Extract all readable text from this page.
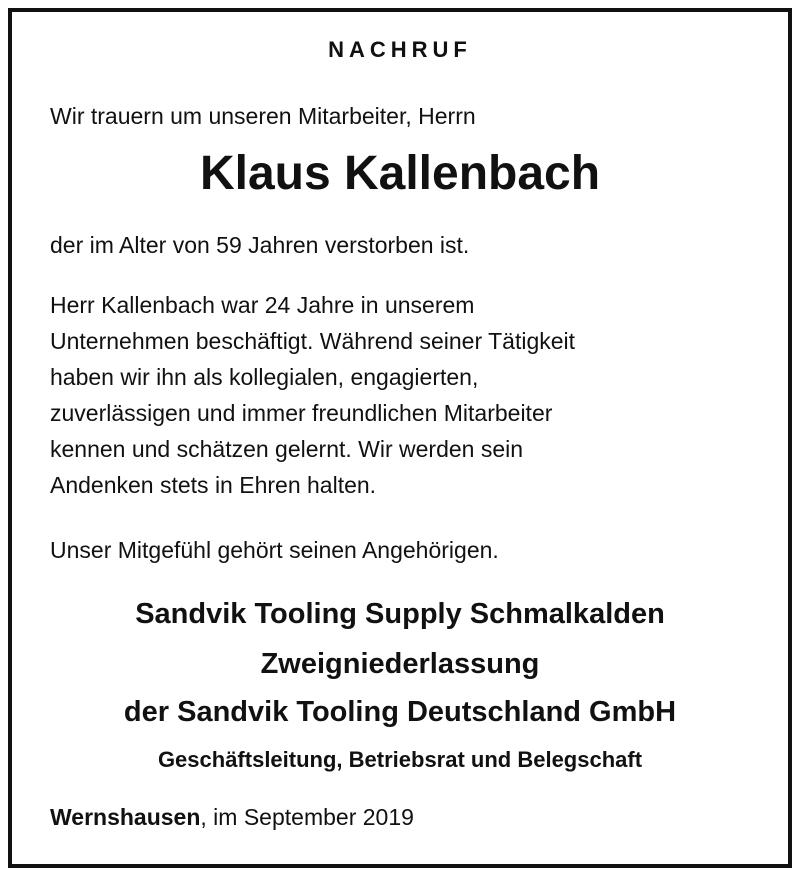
NACHRUF
Wir trauern um unseren Mitarbeiter, Herrn
Klaus Kallenbach
der im Alter von 59 Jahren verstorben ist.
Herr Kallenbach war 24 Jahre in unserem
Unternehmen beschäftigt. Während seiner Tätigkeit
haben wir ihn als kollegialen, engagierten,
zuverlässigen und immer freundlichen Mitarbeiter
kennen und schätzen gelernt. Wir werden sein
Andenken stets in Ehren halten.
Unser Mitgefühl gehört seinen Angehörigen.
Sandvik Tooling Supply Schmalkalden
Zweigniederlassung
der Sandvik Tooling Deutschland GmbH
Geschäftsleitung, Betriebsrat und Belegschaft
Wernshausen, im September 2019
